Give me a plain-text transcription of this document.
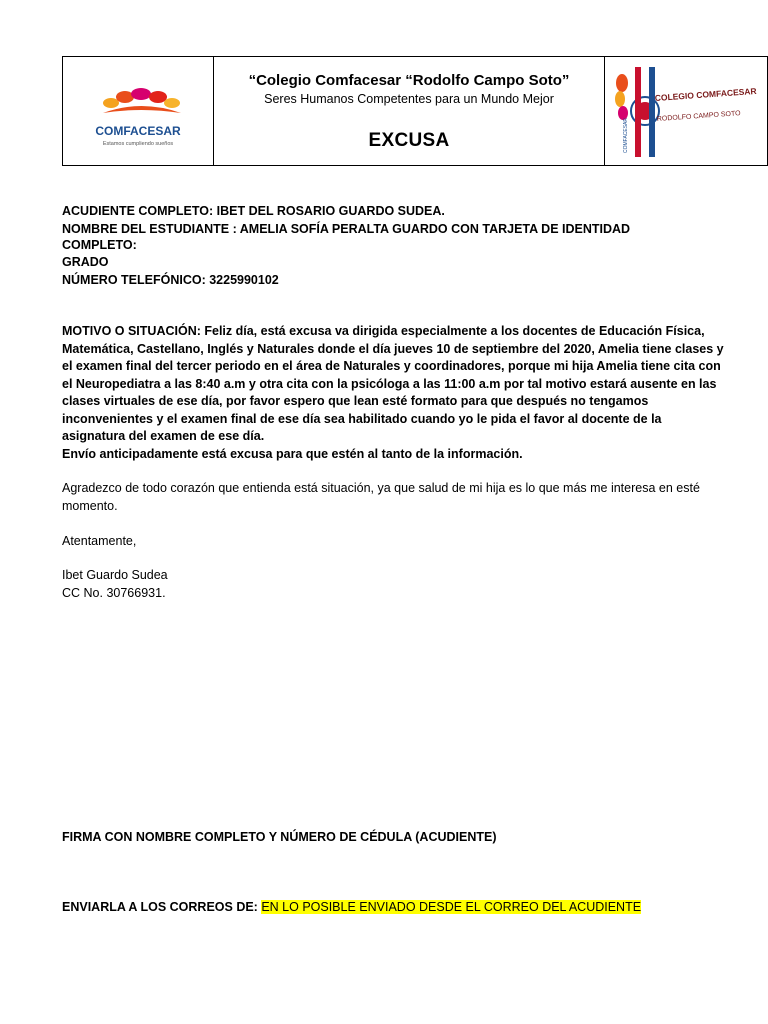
COMFACESAR
Estamos cumpliendo sueños

“Colegio Comfacesar “Rodolfo Campo Soto”
Seres Humanos Competentes para un Mundo Mejor
EXCUSA	COMFACESAR
COLEGIO COMFACESAR
RODOLFO CAMPO SOTO
ACUDIENTE COMPLETO: IBET DEL ROSARIO GUARDO SUDEA.
NOMBRE DEL ESTUDIANTE : AMELIA SOFÍA PERALTA GUARDO CON TARJETA DE IDENTIDAD
COMPLETO:
GRADO
NÚMERO TELEFÓNICO: 3225990102
MOTIVO O SITUACIÓN: Feliz día, está excusa va dirigida especialmente a los docentes de Educación Física, Matemática, Castellano, Inglés y Naturales donde el día jueves 10 de septiembre del 2020, Amelia tiene clases y el examen final del tercer periodo en el área de Naturales y coordinadores, porque mi hija Amelia tiene cita con el Neuropediatra a las 8:40 a.m y otra cita con la psicóloga a las 11:00 a.m por tal motivo estará ausente en las clases virtuales de ese día, por favor espero que lean esté formato para que después no tengamos inconvenientes y el examen final de ese día sea habilitado cuando yo le pida el favor al docente de la asignatura del examen de ese día.
Envío anticipadamente está excusa para que estén al tanto de la información.
Agradezco de todo corazón que entienda está situación, ya que salud de mi hija es lo que más me interesa en esté momento.
Atentamente,
Ibet Guardo Sudea
CC No. 30766931.
FIRMA CON NOMBRE COMPLETO Y NÚMERO DE CÉDULA (ACUDIENTE)
ENVIARLA A LOS CORREOS DE: EN LO POSIBLE ENVIADO DESDE EL CORREO DEL ACUDIENTE
